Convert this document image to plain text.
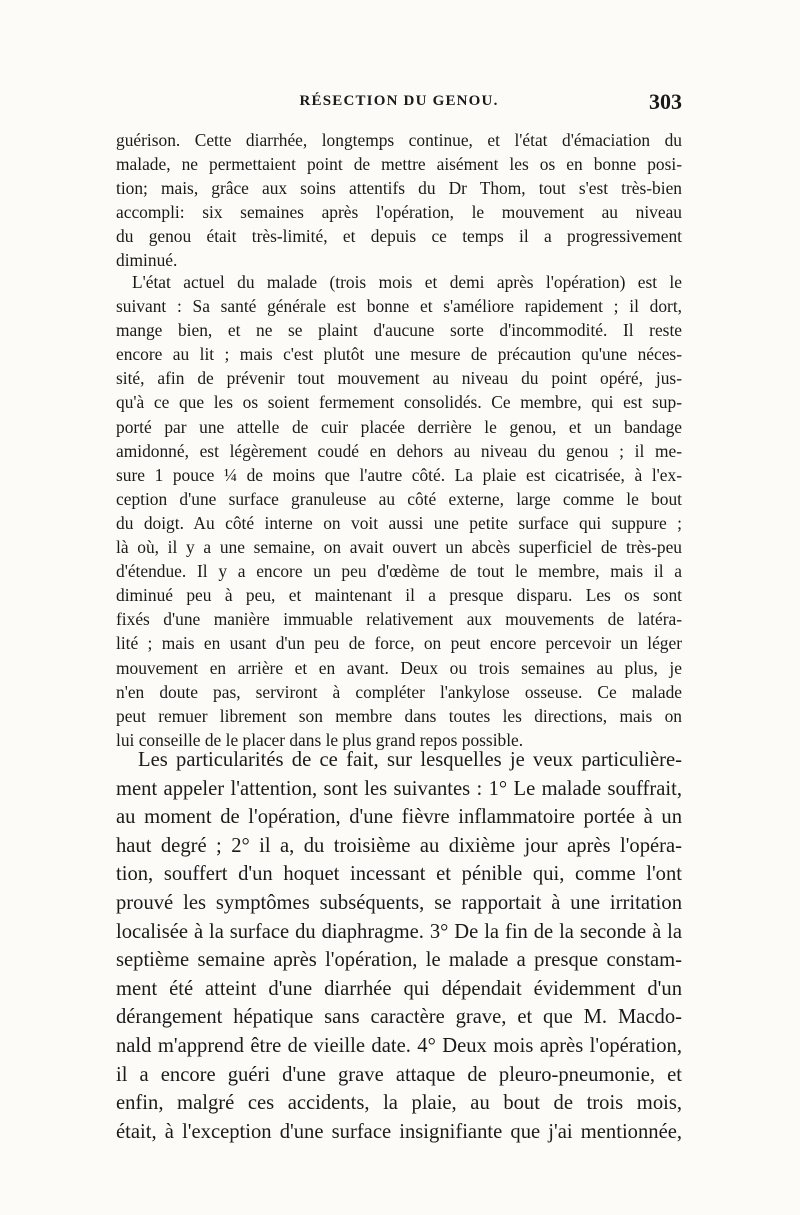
RÉSECTION DU GENOU.	303
guérison. Cette diarrhée, longtemps continue, et l'état d'émaciation du
malade, ne permettaient point de mettre aisément les os en bonne posi-
tion; mais, grâce aux soins attentifs du Dr Thom, tout s'est très-bien
accompli: six semaines après l'opération, le mouvement au niveau
du genou était très-limité, et depuis ce temps il a progressivement
diminué.
L'état actuel du malade (trois mois et demi après l'opération) est le
suivant : Sa santé générale est bonne et s'améliore rapidement ; il dort,
mange bien, et ne se plaint d'aucune sorte d'incommodité. Il reste
encore au lit ; mais c'est plutôt une mesure de précaution qu'une néces-
sité, afin de prévenir tout mouvement au niveau du point opéré, jus-
qu'à ce que les os soient fermement consolidés. Ce membre, qui est sup-
porté par une attelle de cuir placée derrière le genou, et un bandage
amidonné, est légèrement coudé en dehors au niveau du genou ; il me-
sure 1 pouce ¼ de moins que l'autre côté. La plaie est cicatrisée, à l'ex-
ception d'une surface granuleuse au côté externe, large comme le bout
du doigt. Au côté interne on voit aussi une petite surface qui suppure ;
là où, il y a une semaine, on avait ouvert un abcès superficiel de très-peu
d'étendue. Il y a encore un peu d'œdème de tout le membre, mais il a
diminué peu à peu, et maintenant il a presque disparu. Les os sont
fixés d'une manière immuable relativement aux mouvements de latéra-
lité ; mais en usant d'un peu de force, on peut encore percevoir un léger
mouvement en arrière et en avant. Deux ou trois semaines au plus, je
n'en doute pas, serviront à compléter l'ankylose osseuse. Ce malade
peut remuer librement son membre dans toutes les directions, mais on
lui conseille de le placer dans le plus grand repos possible.
Les particularités de ce fait, sur lesquelles je veux particulière-
ment appeler l'attention, sont les suivantes : 1° Le malade souffrait,
au moment de l'opération, d'une fièvre inflammatoire portée à un
haut degré ; 2° il a, du troisième au dixième jour après l'opéra-
tion, souffert d'un hoquet incessant et pénible qui, comme l'ont
prouvé les symptômes subséquents, se rapportait à une irritation
localisée à la surface du diaphragme. 3° De la fin de la seconde à la
septième semaine après l'opération, le malade a presque constam-
ment été atteint d'une diarrhée qui dépendait évidemment d'un
dérangement hépatique sans caractère grave, et que M. Macdo-
nald m'apprend être de vieille date. 4° Deux mois après l'opération,
il a encore guéri d'une grave attaque de pleuro-pneumonie, et
enfin, malgré ces accidents, la plaie, au bout de trois mois,
était, à l'exception d'une surface insignifiante que j'ai mentionnée,
